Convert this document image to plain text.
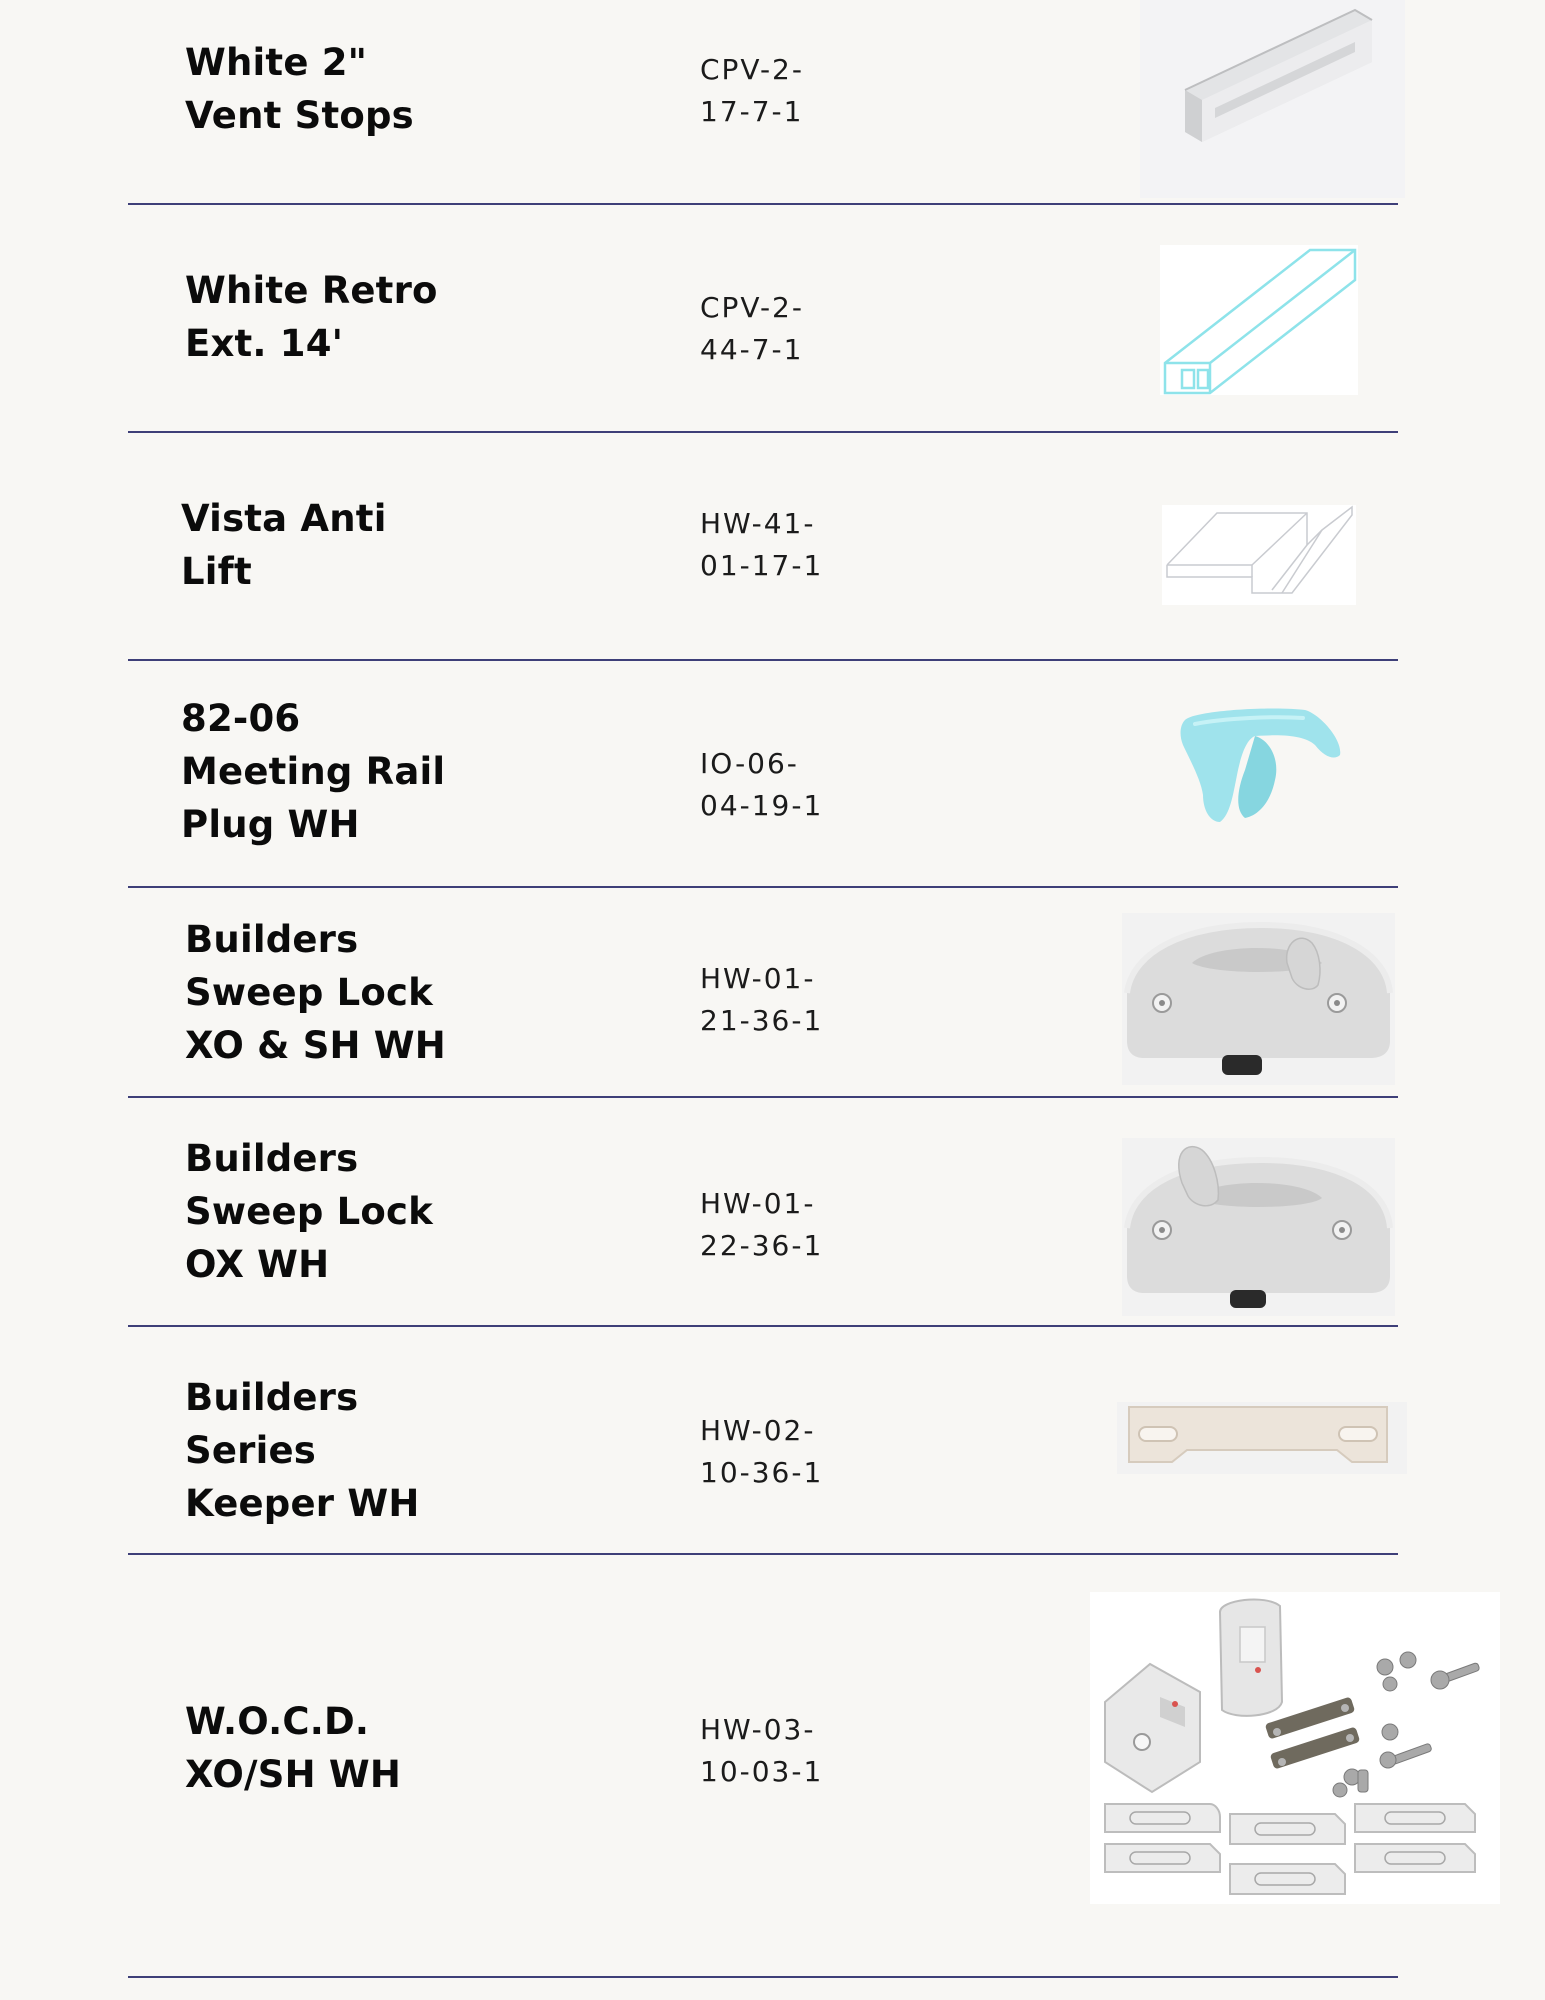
White 2"
Vent Stops
CPV-2-
17-7-1
White Retro
Ext. 14'
CPV-2-
44-7-1
Vista Anti
Lift
HW-41-
01-17-1
82-06
Meeting Rail
Plug WH
IO-06-
04-19-1
Builders
Sweep Lock
XO & SH WH
HW-01-
21-36-1
Builders
Sweep Lock
OX WH
HW-01-
22-36-1
Builders
Series
Keeper WH
HW-02-
10-36-1
W.O.C.D.
XO/SH WH
HW-03-
10-03-1
